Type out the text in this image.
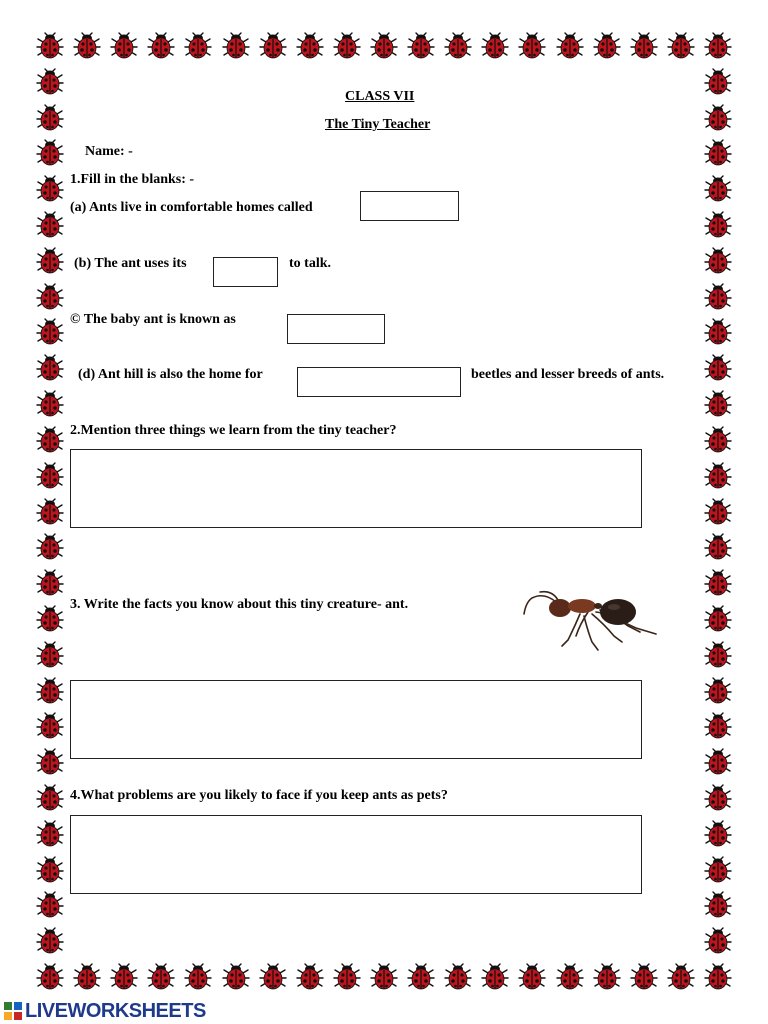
CLASS VII
The Tiny Teacher
Name: -
1.Fill in the blanks: -
(a) Ants live in comfortable homes called
(b) The ant uses its	to talk.
© The baby ant is known as
(d) Ant hill is also the home for	beetles and lesser breeds of ants.
2.Mention three things we learn from the tiny teacher?
3. Write the facts you know about this tiny creature- ant.
4.What problems are you likely to face if you keep ants as pets?
LIVEWORKSHEETS
